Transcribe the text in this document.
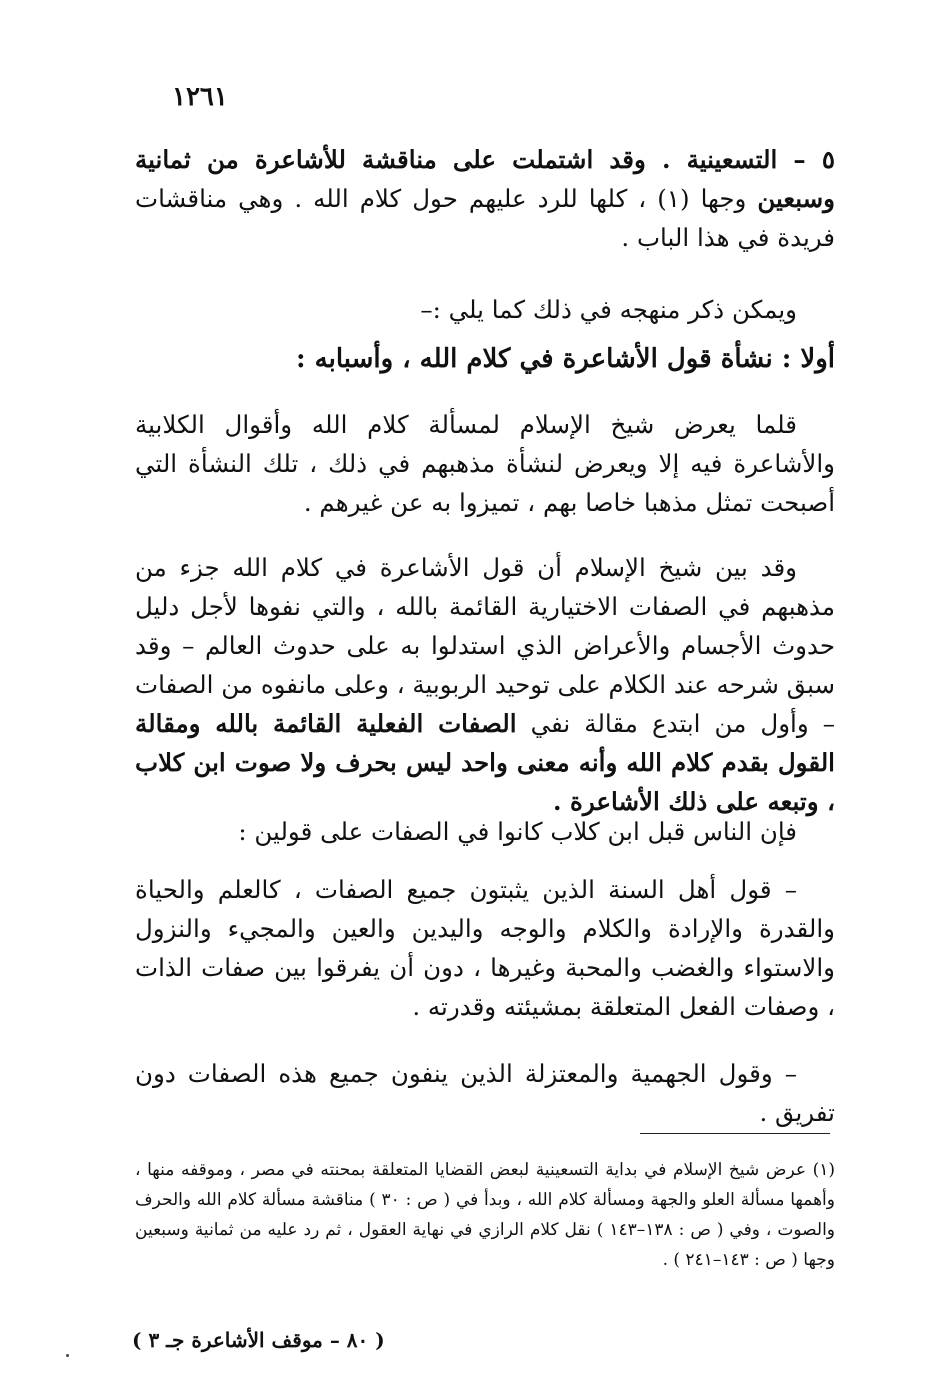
١٢٦١

٥ – التسعينية . وقد اشتملت على مناقشة للأشاعرة من ثمانية وسبعين وجها (١) ، كلها للرد عليهم حول كلام الله . وهي مناقشات فريدة في هذا الباب .

ويمكن ذكر منهجه في ذلك كما يلي :–
أولا : نشأة قول الأشاعرة في كلام الله ، وأسبابه :
قلما يعرض شيخ الإسلام لمسألة كلام الله وأقوال الكلابية والأشاعرة فيه إلا ويعرض لنشأة مذهبهم في ذلك ، تلك النشأة التي أصبحت تمثل مذهبا خاصا بهم ، تميزوا به عن غيرهم .

وقد بين شيخ الإسلام أن قول الأشاعرة في كلام الله جزء من مذهبهم في الصفات الاختيارية القائمة بالله ، والتي نفوها لأجل دليل حدوث الأجسام والأعراض الذي استدلوا به على حدوث العالم – وقد سبق شرحه عند الكلام على توحيد الربوبية ، وعلى مانفوه من الصفات – وأول من ابتدع مقالة نفي الصفات الفعلية القائمة بالله ومقالة القول بقدم كلام الله وأنه معنى واحد ليس بحرف ولا صوت ابن كلاب ، وتبعه على ذلك الأشاعرة .

فإن الناس قبل ابن كلاب كانوا في الصفات على قولين :
– قول أهل السنة الذين يثبتون جميع الصفات ، كالعلم والحياة والقدرة والإرادة والكلام والوجه واليدين والعين والمجيء والنزول والاستواء والغضب والمحبة وغيرها ، دون أن يفرقوا بين صفات الذات ، وصفات الفعل المتعلقة بمشيئته وقدرته .
– وقول الجهمية والمعتزلة الذين ينفون جميع هذه الصفات دون تفريق .
(١) عرض شيخ الإسلام في بداية التسعينية لبعض القضايا المتعلقة بمحنته في مصر ، وموقفه منها ، وأهمها مسألة العلو والجهة ومسألة كلام الله ، وبدأ في ( ص : ٣٠ ) مناقشة مسألة كلام الله والحرف والصوت ، وفي ( ص : ١٣٨–١٤٣ ) نقل كلام الرازي في نهاية العقول ، ثم رد عليه من ثمانية وسبعين وجها ( ص : ١٤٣–٢٤١ ) .
( ٨٠ – موقف الأشاعرة جـ ٣ )
